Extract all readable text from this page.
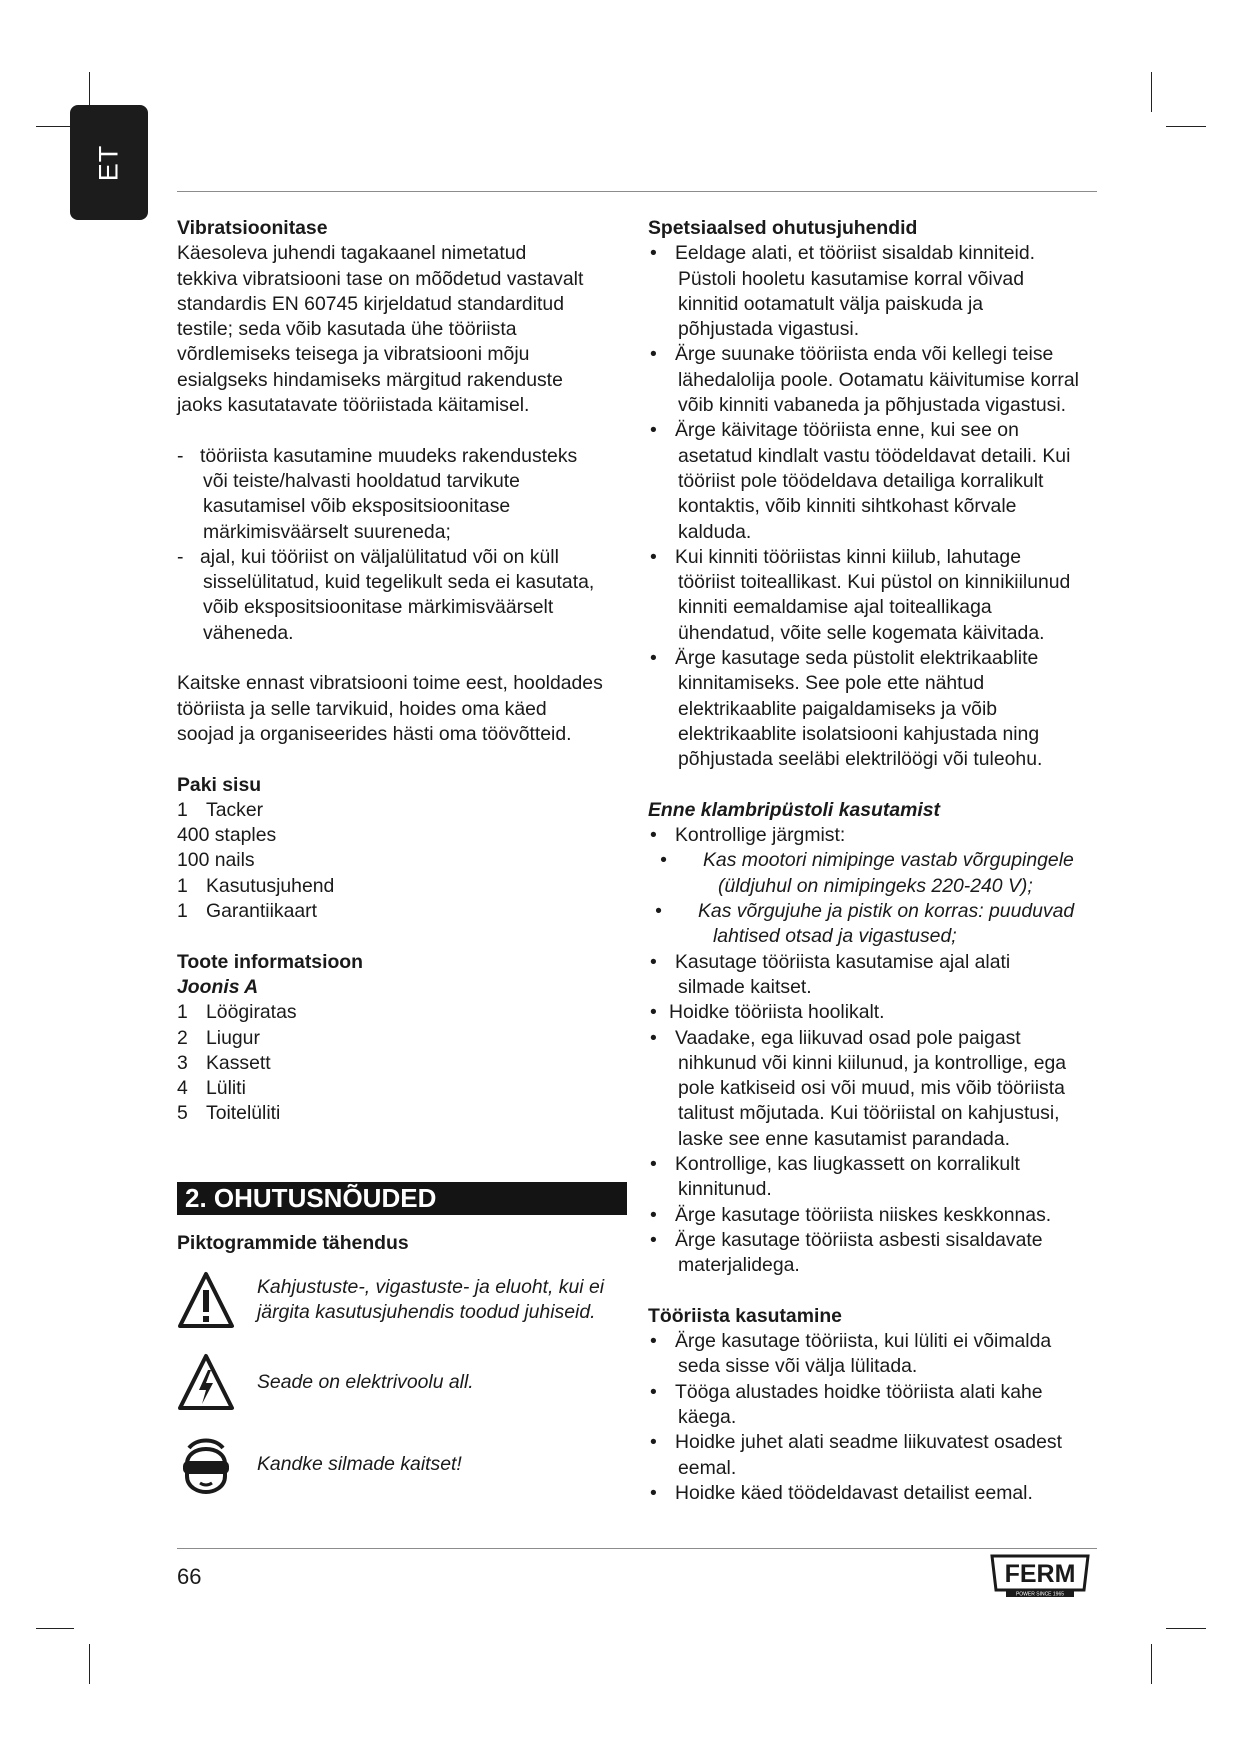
ET

Vibratsioonitase

Käesoleva juhendi tagakaanel nimetatud

tekkiva vibratsiooni tase on mõõdetud vastavalt

standardis EN 60745 kirjeldatud standarditud

testile; seda võib kasutada ühe tööriista

võrdlemiseks teisega ja vibratsiooni mõju

esialgseks hindamiseks märgitud rakenduste

jaoks kasutatavate tööriistada käitamisel.

- tööriista kasutamine muudeks rakendusteks

või teiste/halvasti hooldatud tarvikute

kasutamisel võib ekspositsioonitase

märkimisväärselt suureneda;

- ajal, kui tööriist on väljalülitatud või on küll

sisselülitatud, kuid tegelikult seda ei kasutata,

võib ekspositsioonitase märkimisväärselt

väheneda.

Kaitske ennast vibratsiooni toime eest, hooldades

tööriista ja selle tarvikuid, hoides oma käed

soojad ja organiseerides hästi oma töövõtteid.

Paki sisu

1 Tacker
400 staples
100 nails
1 Kasutusjuhend
1 Garantiikaart

Toote informatsioon

Joonis A

1 Löögiratas
2 Liugur
3 Kassett
4 Lüliti
5 Toitelüliti
2. OHUTUSNÕUDED

Piktogrammide tähendus

Kahjustuste-, vigastuste- ja eluoht, kui ei

järgita kasutusjuhendis toodud juhiseid.

Seade on elektrivoolu all.

Kandke silmade kaitset!

Spetsiaalsed ohutusjuhendid

• Eeldage alati, et tööriist sisaldab kinniteid.

Püstoli hooletu kasutamise korral võivad

kinnitid ootamatult välja paiskuda ja

põhjustada vigastusi.

• Ärge suunake tööriista enda või kellegi teise

lähedalolija poole. Ootamatu käivitumise korral

võib kinniti vabaneda ja põhjustada vigastusi.

• Ärge käivitage tööriista enne, kui see on

asetatud kindlalt vastu töödeldavat detaili. Kui

tööriist pole töödeldava detailiga korralikult

kontaktis, võib kinniti sihtkohast kõrvale

kalduda.

• Kui kinniti tööriistas kinni kiilub, lahutage

tööriist toiteallikast. Kui püstol on kinnikiilunud

kinniti eemaldamise ajal toiteallikaga

ühendatud, võite selle kogemata käivitada.

• Ärge kasutage seda püstolit elektrikaablite

kinnitamiseks. See pole ette nähtud

elektrikaablite paigaldamiseks ja võib

elektrikaablite isolatsiooni kahjustada ning

põhjustada seeläbi elektrilöögi või tuleohu.

Enne klambripüstoli kasutamist

• Kontrollige järgmist:

• Kas mootori nimipinge vastab võrgupingele

(üldjuhul on nimipingeks 220-240 V);

• Kas võrgujuhe ja pistik on korras: puuduvad

lahtised otsad ja vigastused;

• Kasutage tööriista kasutamise ajal alati

silmade kaitset.

• Hoidke tööriista hoolikalt.

• Vaadake, ega liikuvad osad pole paigast

nihkunud või kinni kiilunud, ja kontrollige, ega

pole katkiseid osi või muud, mis võib tööriista

talitust mõjutada. Kui tööriistal on kahjustusi,

laske see enne kasutamist parandada.

• Kontrollige, kas liugkassett on korralikult

kinnitunud.

• Ärge kasutage tööriista niiskes keskkonnas.

• Ärge kasutage tööriista asbesti sisaldavate

materjalidega.

Tööriista kasutamine

• Ärge kasutage tööriista, kui lüliti ei võimalda

seda sisse või välja lülitada.

• Tööga alustades hoidke tööriista alati kahe

käega.

• Hoidke juhet alati seadme liikuvatest osadest

eemal.

• Hoidke käed töödeldavast detailist eemal.

66	FERM
POWER SINCE 1965
